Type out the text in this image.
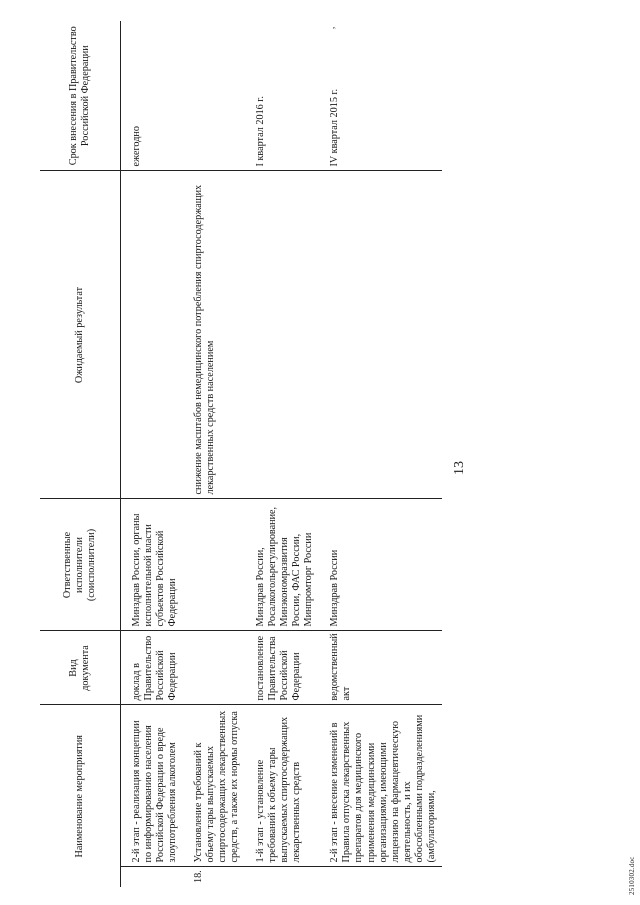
13
,
Наименование мероприятия		Вид документа	Ответственные исполнители (соисполнители)	Ожидаемый результат	Срок внесения в Правительство Российской Федерации

	2-й этап - реализация концепции по информированию населения Российской Федерации о вреде злоупотребления алкоголем	доклад в Правительство Российской Федерации	Минздрав России, органы исполнительной власти субъектов Российской Федерации		ежегодно

18.	Установление требований к объему тары выпускаемых спиртосодержащих лекарственных средств, а также их нормы отпуска			снижение масштабов немедицинского потребления спиртосодержащих лекарственных средств населением	

	1-й этап - установление требований к объему тары выпускаемых спиртосодержащих лекарственных средств	постановление Правительства Российской Федерации	Минздрав России, Росалкогольрегулирование, Минэкономразвития России, ФАС России, Минпромторг России		I квартал 2016 г.

	2-й этап - внесение изменений в Правила отпуска лекарственных препаратов для медицинского применения медицинскими организациями, имеющими лицензию на фармацевтическую деятельность, и их обособленными подразделениями (амбулаториями,	ведомственный акт	Минздрав России		IV квартал 2015 г.
2510302.doc
